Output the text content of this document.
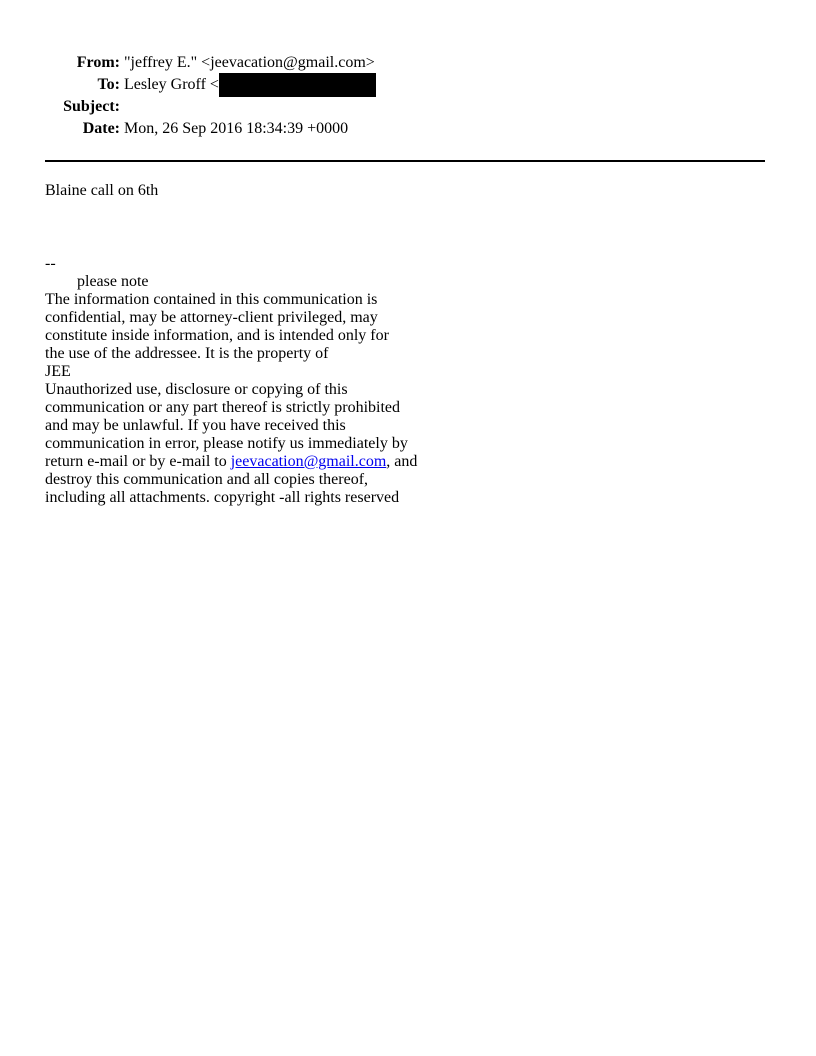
From: "jeffrey E." <jeevacation@gmail.com>
To: Lesley Groff <
Subject:
Date: Mon, 26 Sep 2016 18:34:39 +0000
Blaine call on 6th
--
please note
The information contained in this communication is
confidential, may be attorney-client privileged, may
constitute inside information, and is intended only for
the use of the addressee. It is the property of
JEE
Unauthorized use, disclosure or copying of this
communication or any part thereof is strictly prohibited
and may be unlawful. If you have received this
communication in error, please notify us immediately by
return e-mail or by e-mail to jeevacation@gmail.com, and
destroy this communication and all copies thereof,
including all attachments. copyright -all rights reserved
